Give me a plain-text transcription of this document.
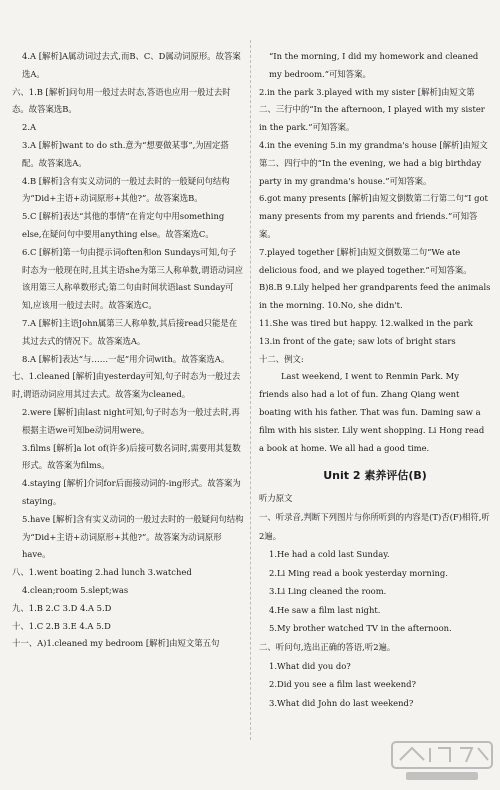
4.A [解析]A属动词过去式,而B、C、D属动词原形。故答案选A。
六、1.B [解析]问句用一般过去时态,答语也应用一般过去时态。故答案选B。
2.A
3.A [解析]want to do sth.意为“想要做某事”,为固定搭配。故答案选A。
4.B [解析]含有实义动词的一般过去时的一般疑问句结构为“Did+主语+动词原形+其他?”。故答案选B。
5.C [解析]表达“其他的事情”在肯定句中用something else,在疑问句中要用anything else。故答案选C。
6.C [解析]第一句由提示词often和on Sundays可知,句子时态为一般现在时,且其主语she为第三人称单数,谓语动词应该用第三人称单数形式;第二句由时间状语last Sunday可知,应该用一般过去时。故答案选C。
7.A [解析]主语John属第三人称单数,其后接read只能是在其过去式的情况下。故答案选A。
8.A [解析]表达“与……一起”用介词with。故答案选A。
七、1.cleaned [解析]由yesterday可知,句子时态为一般过去时,谓语动词应用其过去式。故答案为cleaned。
2.were [解析]由last night可知,句子时态为一般过去时,再根据主语we可知be动词用were。
3.films [解析]a lot of(许多)后接可数名词时,需要用其复数形式。故答案为films。
4.staying [解析]介词for后面接动词的-ing形式。故答案为staying。
5.have [解析]含有实义动词的一般过去时的一般疑问句结构为“Did+主语+动词原形+其他?”。故答案为动词原形have。
八、1.went boating 2.had lunch 3.watched
4.clean;room 5.slept;was
九、1.B 2.C 3.D 4.A 5.D
十、1.C 2.B 3.E 4.A 5.D
十一、A)1.cleaned my bedroom [解析]由短文第五句
“In the morning, I did my homework and cleaned my bedroom.”可知答案。
2.in the park 3.played with my sister [解析]由短文第二、三行中的“In the afternoon, I played with my sister in the park.”可知答案。
4.in the evening 5.in my grandma's house [解析]由短文第二、四行中的“In the evening, we had a big birthday party in my grandma's house.”可知答案。
6.got many presents [解析]由短文倒数第二行第二句“I got many presents from my parents and friends.”可知答案。
7.played together [解析]由短文倒数第二句“We ate delicious food, and we played together.”可知答案。
B)8.B 9.Lily helped her grandparents feed the animals in the morning. 10.No, she didn't.
11.She was tired but happy. 12.walked in the park
13.in front of the gate; saw lots of bright stars
十二、例文:
Last weekend, I went to Renmin Park. My friends also had a lot of fun. Zhang Qiang went boating with his father. That was fun. Daming saw a film with his sister. Lily went shopping. Li Hong read a book at home. We all had a good time.
Unit 2 素养评估(B)
听力原文
一、听录音,判断下列图片与你所听到的内容是(T)否(F)相符,听2遍。
1.He had a cold last Sunday.
2.Li Ming read a book yesterday morning.
3.Li Ling cleaned the room.
4.He saw a film last night.
5.My brother watched TV in the afternoon.
二、听问句,选出正确的答语,听2遍。
1.What did you do?
2.Did you see a film last weekend?
3.What did John do last weekend?
